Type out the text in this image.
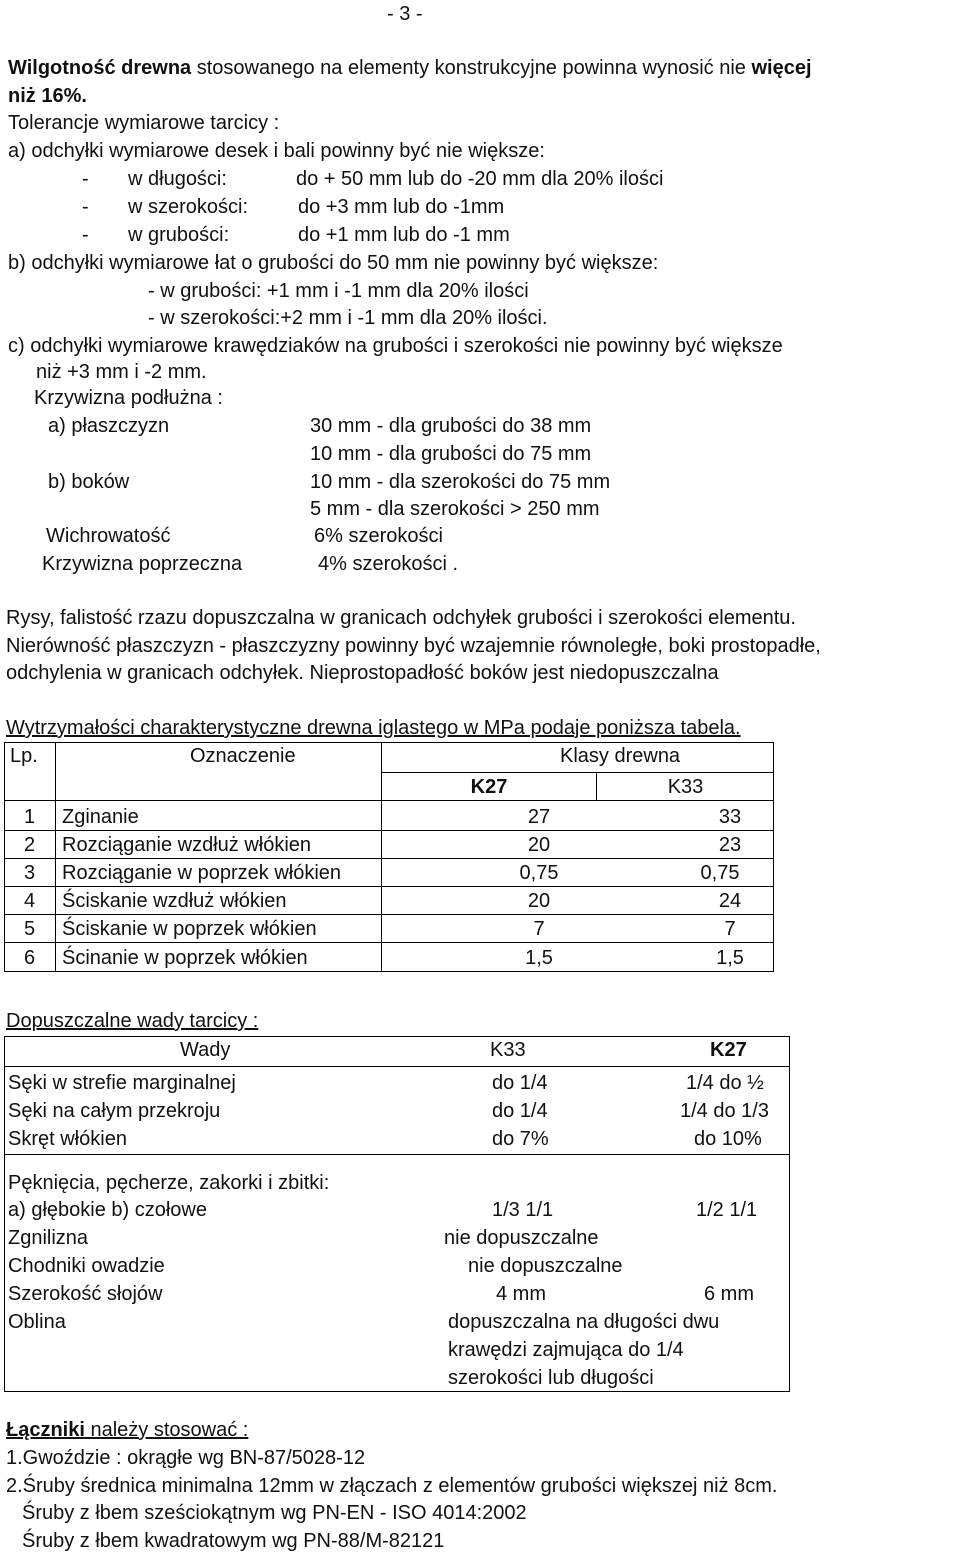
- 3 -
Wilgotność drewna stosowanego na elementy konstrukcyjne powinna wynosić nie więcej
niż 16%.
Tolerancje wymiarowe tarcicy :
a) odchyłki wymiarowe desek i bali powinny być nie większe:
- w długości:	do + 50 mm lub do -20 mm dla 20% ilości
- w szerokości: do +3 mm lub do -1mm
- w grubości:	do +1 mm lub do -1 mm
b) odchyłki wymiarowe łat o grubości do 50 mm nie powinny być większe:
- w grubości: +1 mm i -1 mm dla 20% ilości
- w szerokości:+2 mm i -1 mm dla 20% ilości.
c) odchyłki wymiarowe krawędziaków na grubości i szerokości nie powinny być większe
niż +3 mm i -2 mm.
Krzywizna podłużna :
a) płaszczyzn	30 mm - dla grubości do 38 mm
10 mm - dla grubości do 75 mm
b) boków	10 mm - dla szerokości do 75 mm
5 mm - dla szerokości > 250 mm
Wichrowatość	6% szerokości
Krzywizna poprzeczna	4% szerokości .
Rysy, falistość rzazu dopuszczalna w granicach odchyłek grubości i szerokości elementu.
Nierówność płaszczyzn - płaszczyzny powinny być wzajemnie równoległe, boki prostopadłe,
odchylenia w granicach odchyłek. Nieprostopadłość boków jest niedopuszczalna
Wytrzymałości charakterystyczne drewna iglastego w MPa podaje poniższa tabela.
Lp.	Oznaczenie	Klasy drewna
K27	K33
1 Zginanie	27	33
2 Rozciąganie wzdłuż włókien	20	23
3 Rozciąganie w poprzek włókien	0,75	0,75
4 Ściskanie wzdłuż włókien	20	24
5 Ściskanie w poprzek włókien	7	7
6 Ścinanie w poprzek włókien	1,5	1,5
Dopuszczalne wady tarcicy :
Wady	K33	K27
Sęki w strefie marginalnej	do 1/4	1/4 do ½
Sęki na całym przekroju	do 1/4	1/4 do 1/3
Skręt włókien	do 7%	do 10%
Pęknięcia, pęcherze, zakorki i zbitki:
a) głębokie b) czołowe	1/3 1/1	1/2 1/1
Zgnilizna	nie dopuszczalne
Chodniki owadzie	nie dopuszczalne
Szerokość słojów	4 mm	6 mm
Oblina	dopuszczalna na długości dwu
krawędzi zajmująca do 1/4
szerokości lub długości
Łączniki należy stosować :
1.Gwoździe : okrągłe wg BN-87/5028-12
2.Śruby średnica minimalna 12mm w złączach z elementów grubości większej niż 8cm.
Śruby z łbem sześciokątnym wg PN-EN - ISO 4014:2002
Śruby z łbem kwadratowym wg PN-88/M-82121
